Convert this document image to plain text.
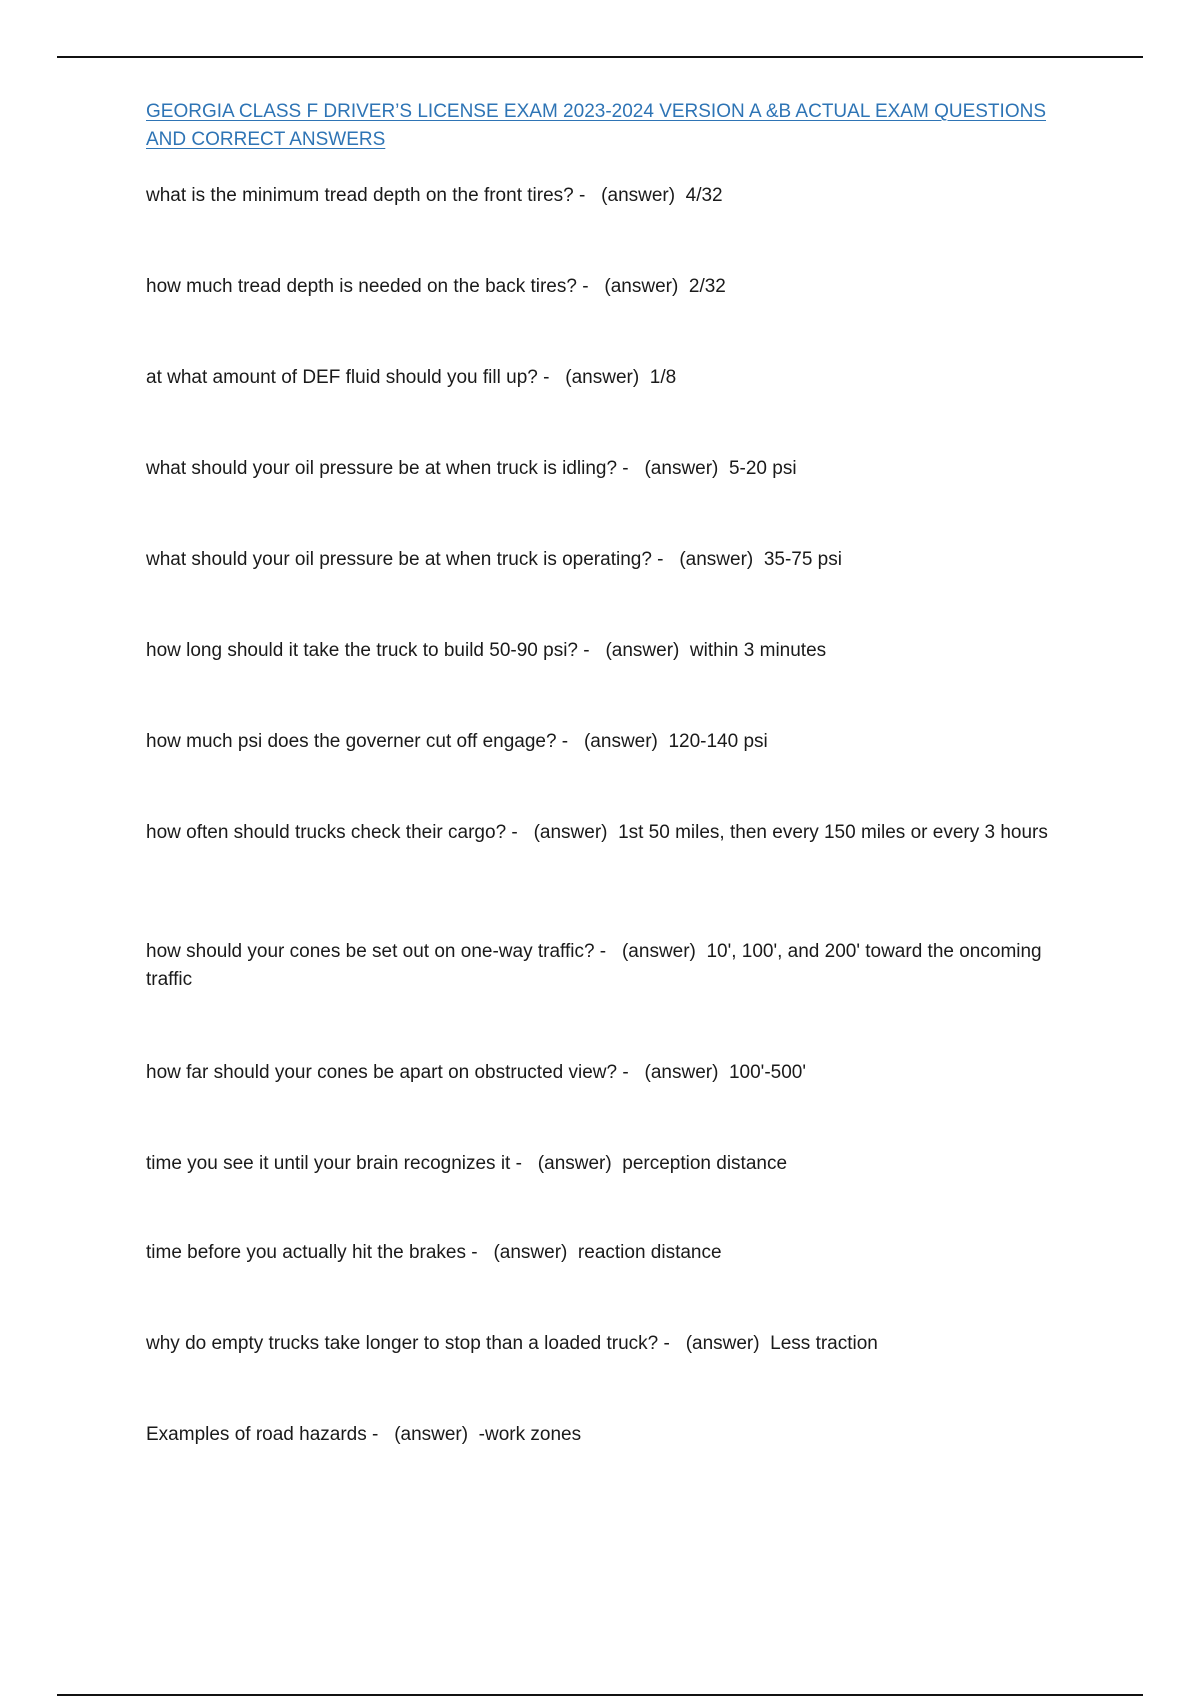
GEORGIA CLASS F DRIVER’S LICENSE EXAM 2023-2024 VERSION A &B ACTUAL EXAM QUESTIONS AND CORRECT ANSWERS

what is the minimum tread depth on the front tires? - (answer) 4/32

how much tread depth is needed on the back tires? - (answer) 2/32

at what amount of DEF fluid should you fill up? - (answer) 1/8

what should your oil pressure be at when truck is idling? - (answer) 5-20 psi

what should your oil pressure be at when truck is operating? - (answer) 35-75 psi

how long should it take the truck to build 50-90 psi? - (answer) within 3 minutes

how much psi does the governer cut off engage? - (answer) 120-140 psi

how often should trucks check their cargo? - (answer) 1st 50 miles, then every 150 miles or every 3 hours

how should your cones be set out on one-way traffic? - (answer) 10', 100', and 200' toward the oncoming traffic

how far should your cones be apart on obstructed view? - (answer) 100'-500'

time you see it until your brain recognizes it - (answer) perception distance

time before you actually hit the brakes - (answer) reaction distance

why do empty trucks take longer to stop than a loaded truck? - (answer) Less traction

Examples of road hazards - (answer) -work zones
